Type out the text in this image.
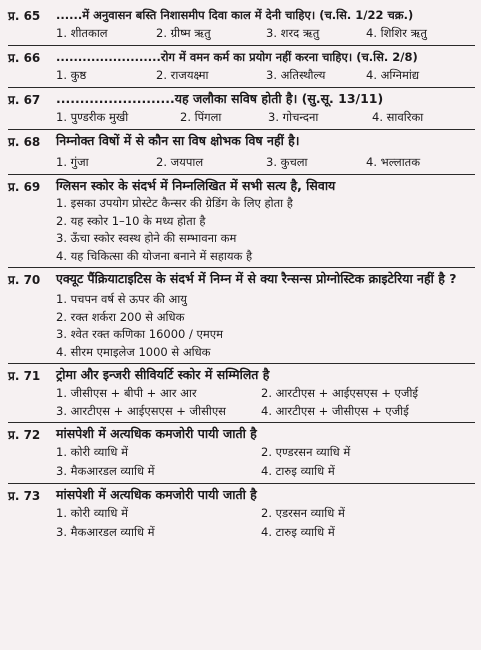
प्र. 65	......में अनुवासन बस्ति निशासमीप दिवा काल में देनी चाहिए। (च.सि. 1/22 चक्र.)
1. शीतकाल	2. ग्रीष्म ऋतु	3. शरद ऋतु	4. शिशिर ऋतु
प्र. 66	........................रोग में वमन कर्म का प्रयोग नहीं करना चाहिए। (च.सि. 2/8)
1. कुष्ठ	2. राजयक्ष्मा	3. अतिस्थौल्य	4. अग्निमांद्य
प्र. 67	.........................यह जलौका सविष होती है। (सु.सू. 13/11)
1. पुण्डरीक मुखी	2. पिंगला	3. गोचन्दना	4. सावरिका
प्र. 68	निम्नोक्त विषों में से कौन सा विष क्षोभक विष नहीं है।
1. गुंजा	2. जयपाल	3. कुचला	4. भल्लातक
प्र. 69	ग्लिसन स्कोर के संदर्भ में निम्नलिखित में सभी सत्य है, सिवाय
1. इसका उपयोग प्रोस्टेट कैन्सर की ग्रेडिंग के लिए होता है
2. यह स्कोर 1–10 के मध्य होता है
3. ऊँचा स्कोर स्वस्थ होने की सम्भावना कम
4. यह चिकित्सा की योजना बनाने में सहायक है
प्र. 70	एक्यूट पैंक्रियाटाइटिस के संदर्भ में निम्न में से क्या रैन्सन्स प्रोग्नोस्टिक क्राइटेरिया नहीं है ?
1. पचपन वर्ष से ऊपर की आयु
2. रक्त शर्करा 200 से अधिक
3. श्वेत रक्त कणिका 16000 / एमएम
4. सीरम एमाइलेज 1000 से अधिक
प्र. 71	ट्रोमा और इन्जरी सीवियर्टि स्कोर में सम्मिलित है
1. जीसीएस + बीपी + आर आर	2. आरटीएस + आईएसएस + एजीई
3. आरटीएस + आईएसएस + जीसीएस	4. आरटीएस + जीसीएस + एजीई
प्र. 72	मांसपेशी में अत्यधिक कमजोरी पायी जाती है
1. कोरी व्याधि में	2. एण्डरसन व्याधि में
3. मैकआरडल व्याधि में	4. टारुइ व्याधि में
प्र. 73	मांसपेशी में अत्यधिक कमजोरी पायी जाती है
1. कोरी व्याधि में	2. एडरसन व्याधि में
3. मैकआरडल व्याधि में	4. टारुइ व्याधि में
